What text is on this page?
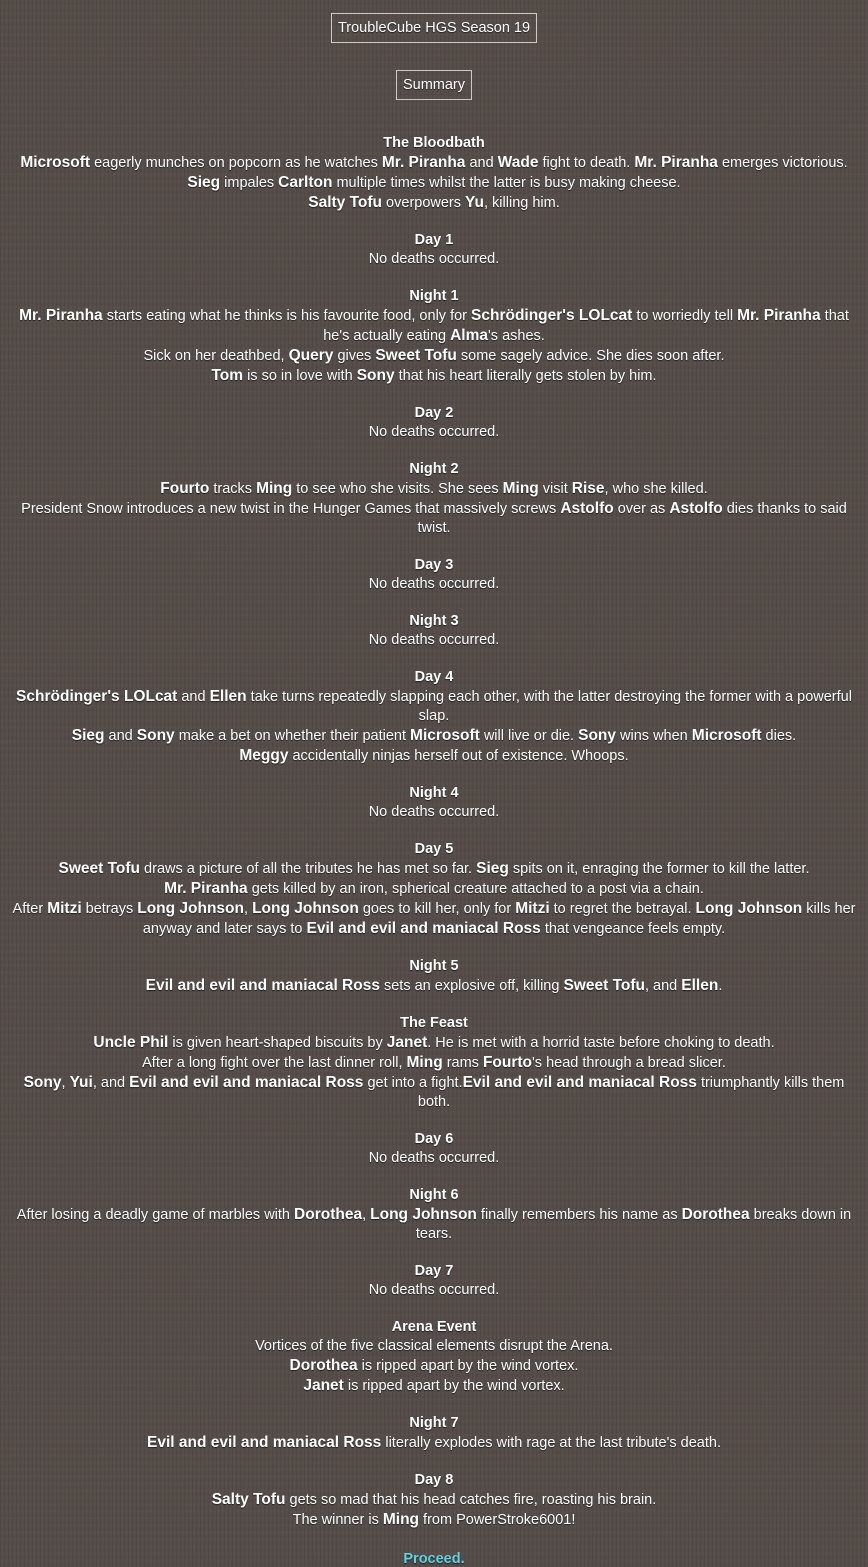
TroubleCube HGS Season 19
Summary
The Bloodbath
Microsoft eagerly munches on popcorn as he watches Mr. Piranha and Wade fight to death. Mr. Piranha emerges victorious.
Sieg impales Carlton multiple times whilst the latter is busy making cheese.
Salty Tofu overpowers Yu, killing him.
Day 1
No deaths occurred.
Night 1
Mr. Piranha starts eating what he thinks is his favourite food, only for Schrödinger's LOLcat to worriedly tell Mr. Piranha that he's actually eating Alma's ashes.
Sick on her deathbed, Query gives Sweet Tofu some sagely advice. She dies soon after.
Tom is so in love with Sony that his heart literally gets stolen by him.
Day 2
No deaths occurred.
Night 2
Fourto tracks Ming to see who she visits. She sees Ming visit Rise, who she killed.
President Snow introduces a new twist in the Hunger Games that massively screws Astolfo over as Astolfo dies thanks to said twist.
Day 3
No deaths occurred.
Night 3
No deaths occurred.
Day 4
Schrödinger's LOLcat and Ellen take turns repeatedly slapping each other, with the latter destroying the former with a powerful slap.
Sieg and Sony make a bet on whether their patient Microsoft will live or die. Sony wins when Microsoft dies.
Meggy accidentally ninjas herself out of existence. Whoops.
Night 4
No deaths occurred.
Day 5
Sweet Tofu draws a picture of all the tributes he has met so far. Sieg spits on it, enraging the former to kill the latter.
Mr. Piranha gets killed by an iron, spherical creature attached to a post via a chain.
After Mitzi betrays Long Johnson, Long Johnson goes to kill her, only for Mitzi to regret the betrayal. Long Johnson kills her anyway and later says to Evil and evil and maniacal Ross that vengeance feels empty.
Night 5
Evil and evil and maniacal Ross sets an explosive off, killing Sweet Tofu, and Ellen.
The Feast
Uncle Phil is given heart-shaped biscuits by Janet. He is met with a horrid taste before choking to death.
After a long fight over the last dinner roll, Ming rams Fourto's head through a bread slicer.
Sony, Yui, and Evil and evil and maniacal Ross get into a fight.Evil and evil and maniacal Ross triumphantly kills them both.
Day 6
No deaths occurred.
Night 6
After losing a deadly game of marbles with Dorothea, Long Johnson finally remembers his name as Dorothea breaks down in tears.
Day 7
No deaths occurred.
Arena Event
Vortices of the five classical elements disrupt the Arena.
Dorothea is ripped apart by the wind vortex.
Janet is ripped apart by the wind vortex.
Night 7
Evil and evil and maniacal Ross literally explodes with rage at the last tribute's death.
Day 8
Salty Tofu gets so mad that his head catches fire, roasting his brain.
The winner is Ming from PowerStroke6001!
Proceed.
